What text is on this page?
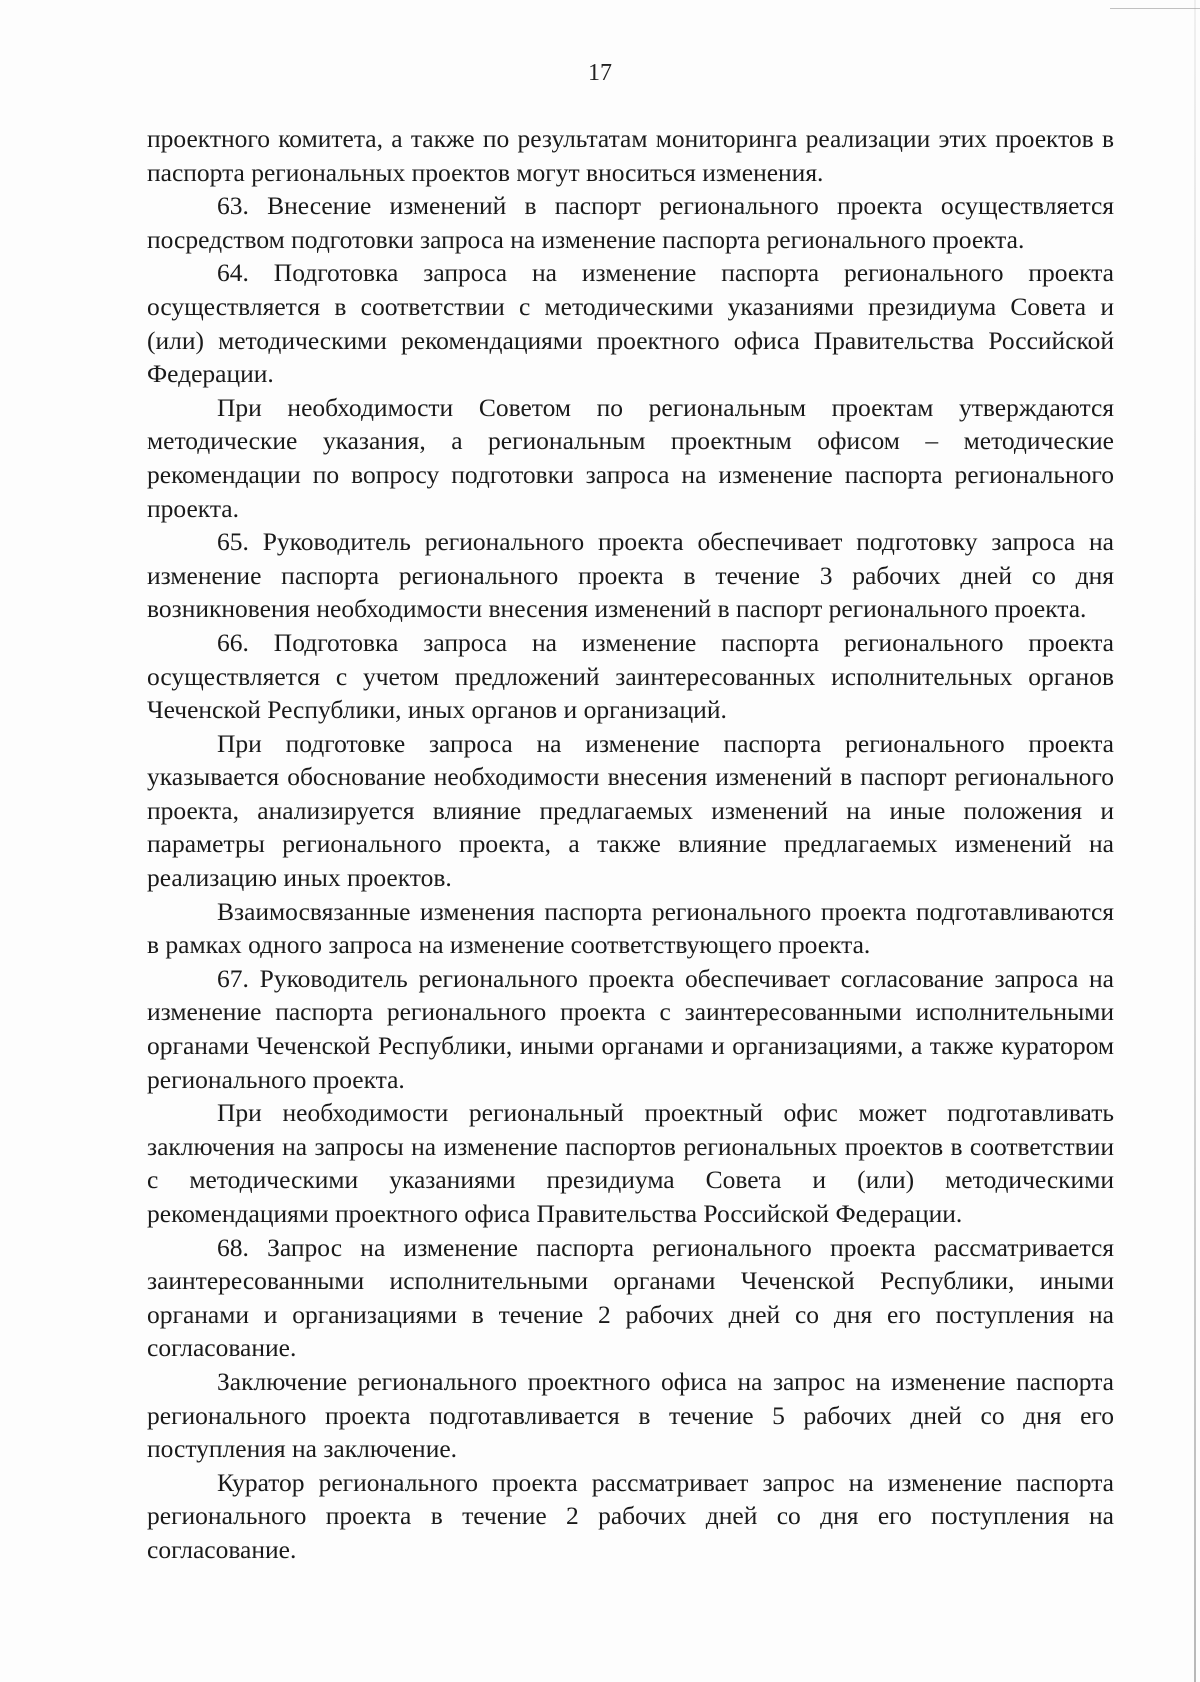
17

проектного комитета, а также по результатам мониторинга реализации этих проектов в паспорта региональных проектов могут вноситься изменения.

63. Внесение изменений в паспорт регионального проекта осуществляется посредством подготовки запроса на изменение паспорта регионального проекта.

64. Подготовка запроса на изменение паспорта регионального проекта осуществляется в соответствии с методическими указаниями президиума Совета и (или) методическими рекомендациями проектного офиса Правительства Российской Федерации.

При необходимости Советом по региональным проектам утверждаются методические указания, а региональным проектным офисом – методические рекомендации по вопросу подготовки запроса на изменение паспорта регионального проекта.

65. Руководитель регионального проекта обеспечивает подготовку запроса на изменение паспорта регионального проекта в течение 3 рабочих дней со дня возникновения необходимости внесения изменений в паспорт регионального проекта.

66. Подготовка запроса на изменение паспорта регионального проекта осуществляется с учетом предложений заинтересованных исполнительных органов Чеченской Республики, иных органов и организаций.

При подготовке запроса на изменение паспорта регионального проекта указывается обоснование необходимости внесения изменений в паспорт регионального проекта, анализируется влияние предлагаемых изменений на иные положения и параметры регионального проекта, а также влияние предлагаемых изменений на реализацию иных проектов.

Взаимосвязанные изменения паспорта регионального проекта подготавливаются в рамках одного запроса на изменение соответствующего проекта.

67. Руководитель регионального проекта обеспечивает согласование запроса на изменение паспорта регионального проекта с заинтересованными исполнительными органами Чеченской Республики, иными органами и организациями, а также куратором регионального проекта.

При необходимости региональный проектный офис может подготавливать заключения на запросы на изменение паспортов региональных проектов в соответствии с методическими указаниями президиума Совета и (или) методическими рекомендациями проектного офиса Правительства Российской Федерации.

68. Запрос на изменение паспорта регионального проекта рассматривается заинтересованными исполнительными органами Чеченской Республики, иными органами и организациями в течение 2 рабочих дней со дня его поступления на согласование.

Заключение регионального проектного офиса на запрос на изменение паспорта регионального проекта подготавливается в течение 5 рабочих дней со дня его поступления на заключение.

Куратор регионального проекта рассматривает запрос на изменение паспорта регионального проекта в течение 2 рабочих дней со дня его поступления на согласование.
